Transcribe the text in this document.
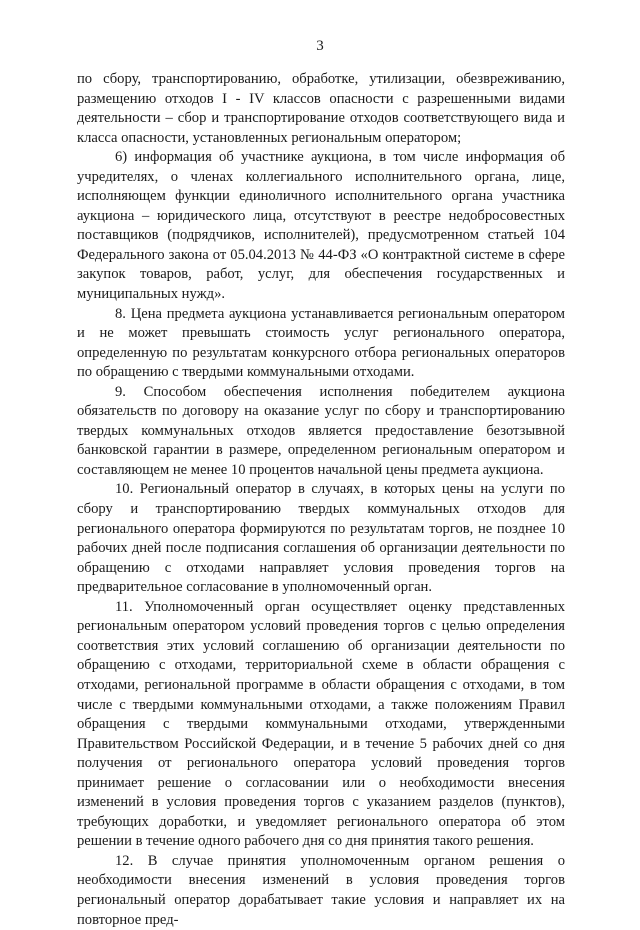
3

по сбору, транспортированию, обработке, утилизации, обезвреживанию, размещению отходов I - IV классов опасности с разрешенными видами деятельности – сбор и транспортирование отходов соответствующего вида и класса опасности, установленных региональным оператором;

6) информация об участнике аукциона, в том числе информация об учредителях, о членах коллегиального исполнительного органа, лице, исполняющем функции единоличного исполнительного органа участника аукциона – юридического лица, отсутствуют в реестре недобросовестных поставщиков (подрядчиков, исполнителей), предусмотренном статьей 104 Федерального закона от 05.04.2013 № 44-ФЗ «О контрактной системе в сфере закупок товаров, работ, услуг, для обеспечения государственных и муниципальных нужд».

8. Цена предмета аукциона устанавливается региональным оператором и не может превышать стоимость услуг регионального оператора, определенную по результатам конкурсного отбора региональных операторов по обращению с твердыми коммунальными отходами.

9. Способом обеспечения исполнения победителем аукциона обязательств по договору на оказание услуг по сбору и транспортированию твердых коммунальных отходов является предоставление безотзывной банковской гарантии в размере, определенном региональным оператором и составляющем не менее 10 процентов начальной цены предмета аукциона.

10. Региональный оператор в случаях, в которых цены на услуги по сбору и транспортированию твердых коммунальных отходов для регионального оператора формируются по результатам торгов, не позднее 10 рабочих дней после подписания соглашения об организации деятельности по обращению с отходами направляет условия проведения торгов на предварительное согласование в уполномоченный орган.

11. Уполномоченный орган осуществляет оценку представленных региональным оператором условий проведения торгов с целью определения соответствия этих условий соглашению об организации деятельности по обращению с отходами, территориальной схеме в области обращения с отходами, региональной программе в области обращения с отходами, в том числе с твердыми коммунальными отходами, а также положениям Правил обращения с твердыми коммунальными отходами, утвержденными Правительством Российской Федерации, и в течение 5 рабочих дней со дня получения от регионального оператора условий проведения торгов принимает решение о согласовании или о необходимости внесения изменений в условия проведения торгов с указанием разделов (пунктов), требующих доработки, и уведомляет регионального оператора об этом решении в течение одного рабочего дня со дня принятия такого решения.

12. В случае принятия уполномоченным органом решения о необходимости внесения изменений в условия проведения торгов региональный оператор дорабатывает такие условия и направляет их на повторное пред-
